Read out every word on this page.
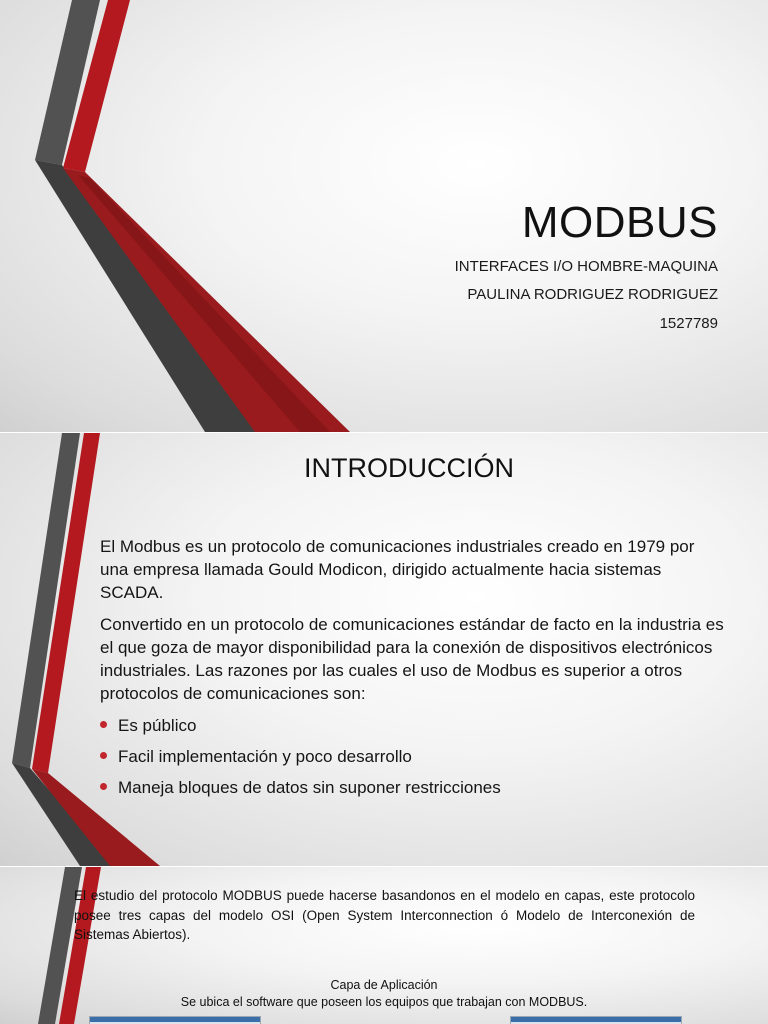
MODBUS
INTERFACES I/O HOMBRE-MAQUINA
PAULINA RODRIGUEZ RODRIGUEZ
1527789
INTRODUCCIÓN

El Modbus es un protocolo de comunicaciones industriales creado en 1979 por una empresa llamada Gould Modicon, dirigido actualmente hacia sistemas SCADA.

Convertido en un protocolo de comunicaciones estándar de facto en la industria es el que goza de mayor disponibilidad para la conexión de dispositivos electrónicos industriales. Las razones por las cuales el uso de Modbus es superior a otros protocolos de comunicaciones son:

Es público
Facil implementación y poco desarrollo
Maneja bloques de datos sin suponer restricciones
El estudio del protocolo MODBUS puede hacerse basandonos en el modelo en capas, este protocolo posee tres capas del modelo OSI (Open System Interconnection ó Modelo de Interconexión de Sistemas Abiertos).
Capa de Aplicación
Se ubica el software que poseen los equipos que trabajan con MODBUS.
